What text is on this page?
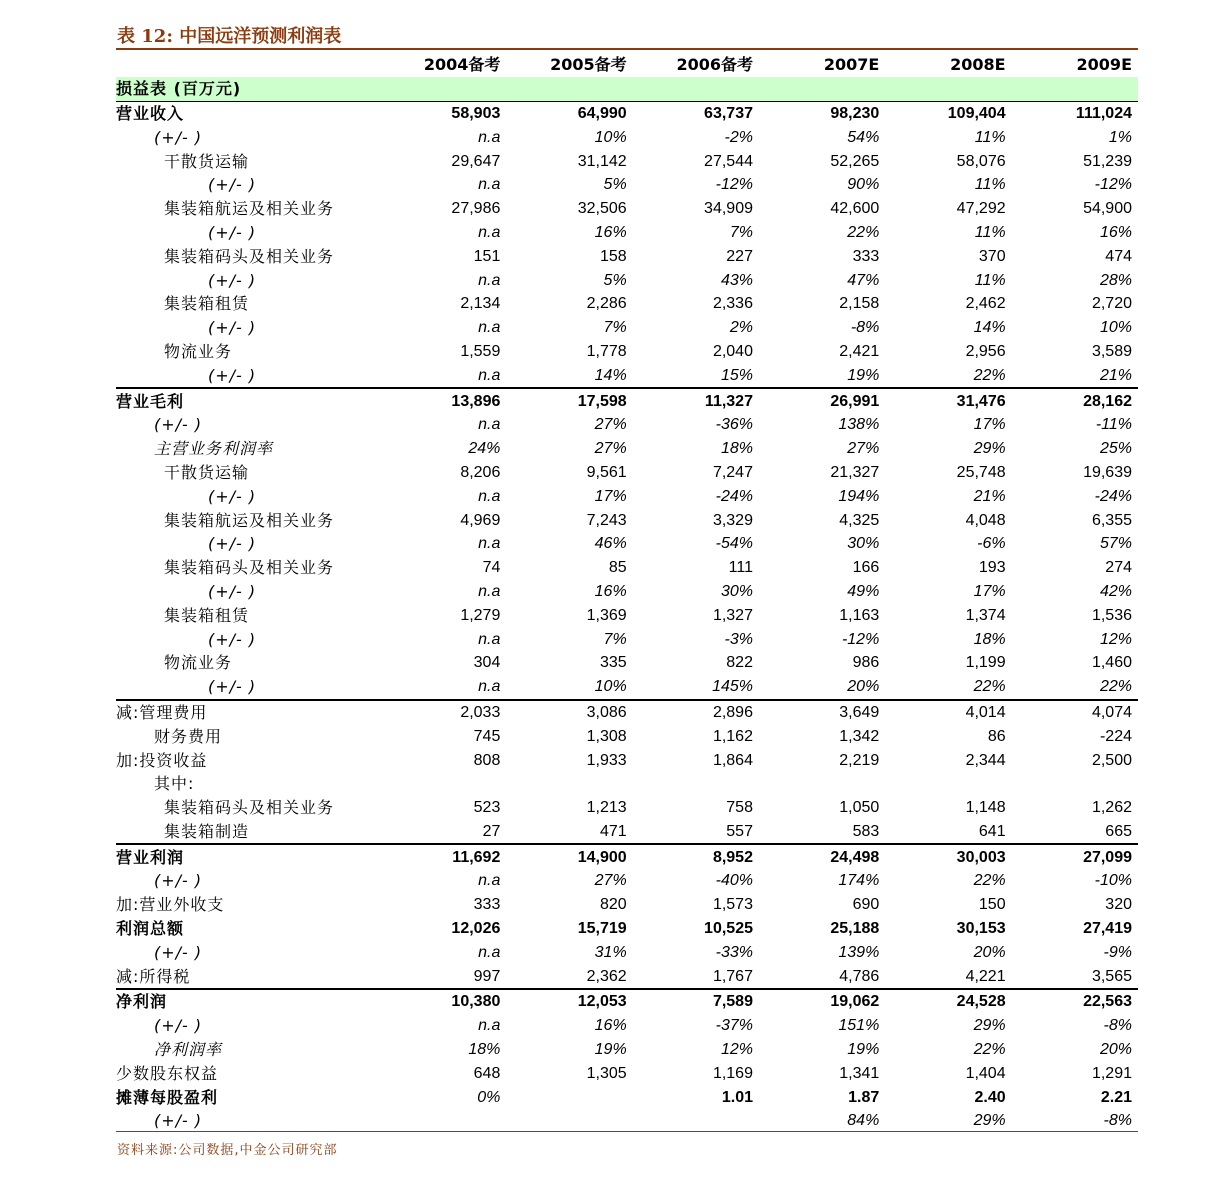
表 12: 中国远洋预测利润表
	2004备考	2005备考	2006备考	2007E	2008E	2009E
损益表 (百万元)						
营业收入	58,903	64,990	63,737	98,230	109,404	111,024
(+/- )	n.a	10%	-2%	54%	11%	1%
干散货运输	29,647	31,142	27,544	52,265	58,076	51,239
(+/- )	n.a	5%	-12%	90%	11%	-12%
集装箱航运及相关业务	27,986	32,506	34,909	42,600	47,292	54,900
(+/- )	n.a	16%	7%	22%	11%	16%
集装箱码头及相关业务	151	158	227	333	370	474
(+/- )	n.a	5%	43%	47%	11%	28%
集装箱租赁	2,134	2,286	2,336	2,158	2,462	2,720
(+/- )	n.a	7%	2%	-8%	14%	10%
物流业务	1,559	1,778	2,040	2,421	2,956	3,589
(+/- )	n.a	14%	15%	19%	22%	21%
营业毛利	13,896	17,598	11,327	26,991	31,476	28,162
(+/- )	n.a	27%	-36%	138%	17%	-11%
主营业务利润率	24%	27%	18%	27%	29%	25%
干散货运输	8,206	9,561	7,247	21,327	25,748	19,639
(+/- )	n.a	17%	-24%	194%	21%	-24%
集装箱航运及相关业务	4,969	7,243	3,329	4,325	4,048	6,355
(+/- )	n.a	46%	-54%	30%	-6%	57%
集装箱码头及相关业务	74	85	111	166	193	274
(+/- )	n.a	16%	30%	49%	17%	42%
集装箱租赁	1,279	1,369	1,327	1,163	1,374	1,536
(+/- )	n.a	7%	-3%	-12%	18%	12%
物流业务	304	335	822	986	1,199	1,460
(+/- )	n.a	10%	145%	20%	22%	22%
减:管理费用	2,033	3,086	2,896	3,649	4,014	4,074
财务费用	745	1,308	1,162	1,342	86	-224
加:投资收益	808	1,933	1,864	2,219	2,344	2,500
其中:						
集装箱码头及相关业务	523	1,213	758	1,050	1,148	1,262
集装箱制造	27	471	557	583	641	665
营业利润	11,692	14,900	8,952	24,498	30,003	27,099
(+/- )	n.a	27%	-40%	174%	22%	-10%
加:营业外收支	333	820	1,573	690	150	320
利润总额	12,026	15,719	10,525	25,188	30,153	27,419
(+/- )	n.a	31%	-33%	139%	20%	-9%
减:所得税	997	2,362	1,767	4,786	4,221	3,565
净利润	10,380	12,053	7,589	19,062	24,528	22,563
(+/- )	n.a	16%	-37%	151%	29%	-8%
净利润率	18%	19%	12%	19%	22%	20%
少数股东权益	648	1,305	1,169	1,341	1,404	1,291
摊薄每股盈利	0%		1.01	1.87	2.40	2.21
(+/- )				84%	29%	-8%
资料来源:公司数据,中金公司研究部
